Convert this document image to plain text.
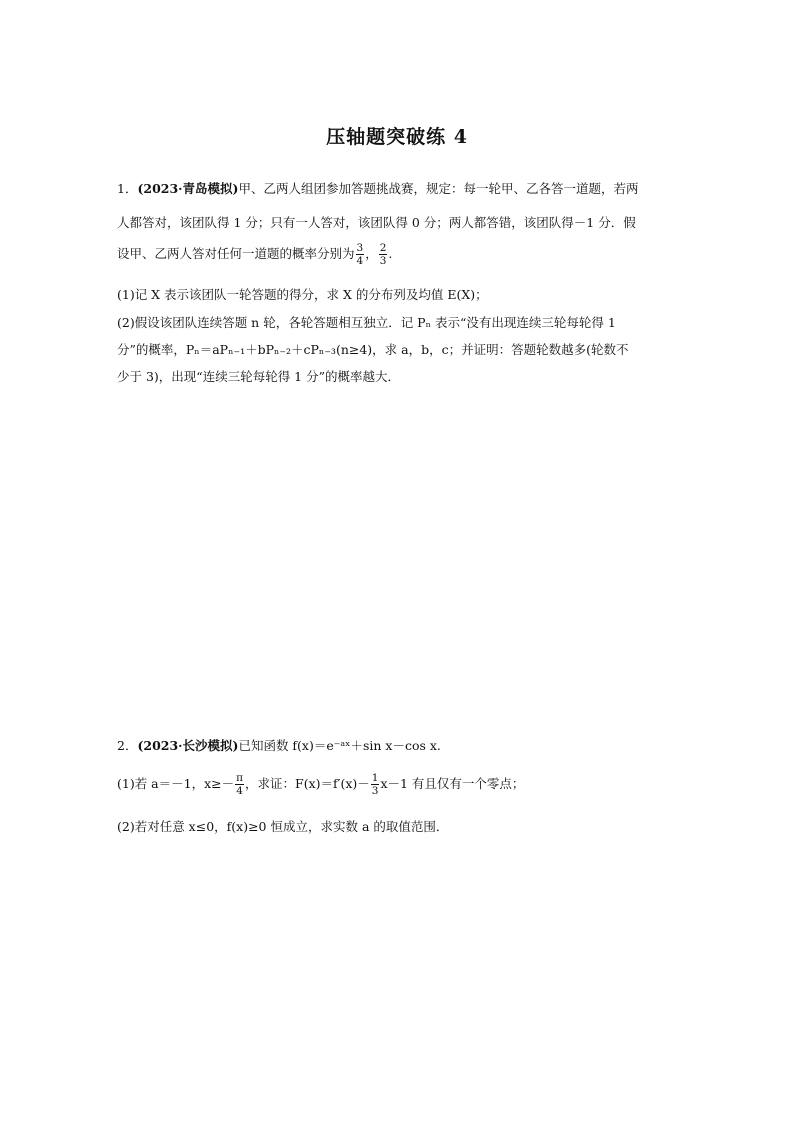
压轴题突破练 4
1．(2023·青岛模拟)甲、乙两人组团参加答题挑战赛，规定：每一轮甲、乙各答一道题，若两
人都答对，该团队得 1 分；只有一人答对，该团队得 0 分；两人都答错，该团队得－1 分．假
设甲、乙两人答对任何一道题的概率分别为 $\frac{3}{4}$ ， $\frac{2}{3}$ .
(1)记 X 表示该团队一轮答题的得分，求 X 的分布列及均值 E(X)；
(2)假设该团队连续答题 n 轮，各轮答题相互独立．记 Pₙ 表示“没有出现连续三轮每轮得 1
分”的概率，Pₙ＝aPₙ₋₁＋bPₙ₋₂＋cPₙ₋₃(n≥4)，求 a，b，c；并证明：答题轮数越多(轮数不
少于 3)，出现“连续三轮每轮得 1 分”的概率越大．
2．(2023·长沙模拟)已知函数 f(x)＝e⁻ᵃˣ＋sin x－cos x.
(1)若 a＝－1，$x\ge- \frac{\pi}{4}$ ，求证：$F(x)=f'(x)- \frac{1}{3} x-1$ 有且仅有一个零点；
(2)若对任意 x≤0，f(x)≥0 恒成立，求实数 a 的取值范围．
